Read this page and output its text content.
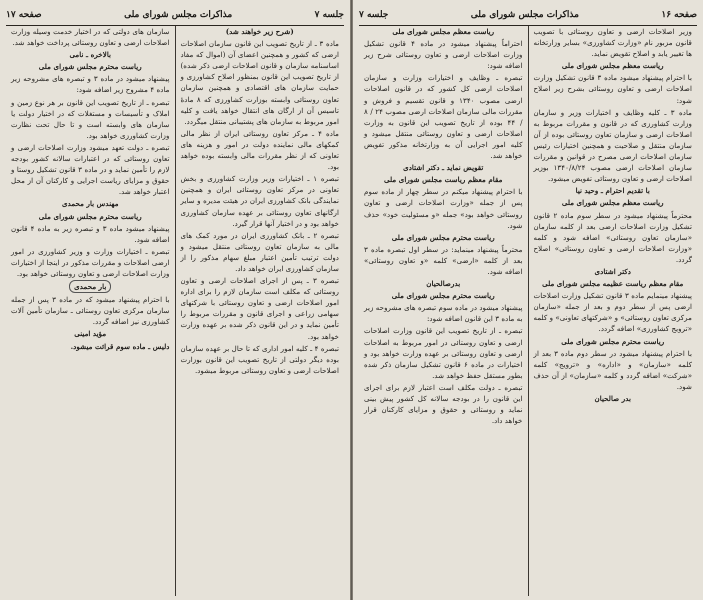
جلسه ۷
مذاکرات مجلس شورای ملی
صفحه ۱۷

(شرح زیر خواهند شد)

ماده ۳ ـ از تاریخ تصویب این قانون سازمان اصلاحات ارضی که کشور و همچنین اعضای آن (اموال که مفاد اساسنامه سازمان و قانون اصلاحات ارضی ذکر شده) از تاریخ تصویب این قانون بمنظور اصلاح کشاورزی و حمایت سازمان های اقتصادی و همچنین سازمان تعاون روستائی وابسته بوزارت کشاورزی که ۸ مادهٔ تاسیس آن از ارگان های انتقال خواهد یافت و کلیه امور مربوط به سازمان های پشتیبانی منتقل میگردد.

ماده ۴ ـ مرکز تعاون روستائی ایران از نظر مالی کمکهای مالی نماینده دولت در امور و هزینه های تعاونی که از نظر مقررات مالی وابسته بوده خواهد بود.

تبصره ۱ ـ اختیارات وزیر وزارت کشاورزی و بخش تعاونی در مرکز تعاون روستائی ایران و همچنین نمایندگی بانک کشاورزی ایران در هیئت مدیره و سایر ارگانهای تعاون روستائی بر عهده سازمان کشاورزی خواهد بود و در اختیار آنها قرار گیرد.

تبصره ۲ ـ بانک کشاورزی ایران در مورد کمک های مالی به سازمان تعاون روستائی منتقل میشود و دولت ترتیب تأمین اعتبار مبلغ سهام مذکور را از سازمان کشاورزی ایران خواهد داد.

تبصره ۳ ـ پس از اجرای اصلاحات ارضی و تعاون روستائی که مکلف است سازمان لازم را برای اداره امور اصلاحات ارضی و تعاون روستائی با شرکتهای سهامی زراعی و اجرای قانون و مقررات مربوط را تأمین نماید و در این قانون ذکر شده بر عهده وزارت خواهد بود.

تبصره ۴ ـ کلیه امور اداری که تا حال بر عهده سازمان بوده دیگر دولتی از تاریخ تصویب این قانون بوزارت اصلاحات ارضی و تعاون روستائی مربوط میشود.

سازمان های دولتی که در اختیار خدمت وسیله وزارت اصلاحات ارضی و تعاون روستائی پرداخت خواهد شد.

بالاخره ـ نامی

ریاست محترم مجلس شورای ملی

پیشنهاد میشود در ماده ۳ و تبصره های مشروحه زیر ماده ۴ مشروح زیر اضافه شود:

تبصره ـ از تاریخ تصویب این قانون بر هر نوع زمین و املاک و تأسیسات و مستغلات که در اختیار دولت یا سازمان های وابسته است و تا حال تحت نظارت وزارت کشاورزی خواهد بود.

تبصره ـ دولت تعهد میشود وزارت اصلاحات ارضی و تعاون روستائی که در اعتبارات سالانه کشور بودجه لازم را تأمین نماید و در ماده ۳ قانون تشکیل روستا و حقوق و مزایای ریاست اجرایی و کارکنان آن از محل اعتبار خواهد شد.

مهندس بار محمدی

ریاست محترم مجلس شورای ملی

پیشنهاد میشود ماده ۳ و تبصره زیر به ماده ۴ قانون اضافه شود.

تبصره ـ اختیارات وزارت و وزیر کشاورزی در امور ارضی اصلاحات و مقررات مذکور در اینجا از اختیارات وزارت اصلاحات ارضی و تعاون روستائی خواهد بود.

بار محمدی

با احترام پیشنهاد میشود که در ماده ۳ پس از جمله سازمان مرکزی تعاون روستائی ـ سازمان تأمین آلات کشاورزی نیز اضافه گردد.

مؤید امینی

دلیس ـ ماده سوم قرائت میشود.

صفحه ۱۶
مذاکرات مجلس شورای ملی
جلسه ۷

وزیر اصلاحات ارضی و تعاون روستائی با تصویب قانون مزبور نام «وزارت کشاورزی» بسایر وزارتخانه ها تغییر یابد و اصلاح تقویض نماید.

ریاست معظم مجلس شورای ملی

با احترام پیشنهاد میشود ماده ۳ قانون تشکیل وزارت اصلاحات ارضی و تعاون روستائی بشرح زیر اصلاح شود:

ماده ۳ ـ کلیه وظایف و اختیارات وزیر و سازمان وزارت کشاورزی که در قانون و مقررات مربوط به اصلاحات ارضی و سازمان تعاون روستائی بوده از آن سازمان منتقل و صلاحیت و همچنین اختیارات رئیس سازمان اصلاحات ارضی مصرح در قوانین و مقررات سازمان اصلاحات ارضی مصوب ۱۳۴۰/۸/۲۴ بوزیر اصلاحات ارضی و تعاون روستائی تفویض میشود.

با تقدیم احترام ـ وحید نیا

ریاست معظم مجلس شورای ملی

محترماً پیشنهاد میشود در سطر سوم ماده ۲ قانون تشکیل وزارت اصلاحات ارضی بعد از کلمه سازمان «سازمان تعاون روستائی» اضافه شود و کلمه «وزارت اصلاحات ارضی و تعاون روستائی» اصلاح گردد.

دکتر اشتادی

مقام معظم ریاست عظیمه مجلس شورای ملی

پیشنهاد مینمایم ماده ۳ قانون تشکیل وزارت اصلاحات ارضی پس از سطر دوم و بعد از جمله «سازمان مرکزی تعاون روستائی» و «شرکتهای تعاونی» و کلمه «ترویج کشاورزی» اضافه گردد.

ریاست محترم مجلس شورای ملی

با احترام پیشنهاد میشود در سطر دوم ماده ۳ بعد از کلمه «سازمان» و «اداره» و «ترویج» کلمه «شرکت» اضافه گردد و کلمه «سازمان» از آن حذف شود.

بدر صالحیان

ریاست معظم مجلس شورای ملی

احتراماً پیشنهاد میشود در ماده ۴ قانون تشکیل وزارت اصلاحات ارضی و تعاون روستائی شرح زیر اضافه شود:

تبصره ـ وظایف و اختیارات وزارت و سازمان اصلاحات ارضی کل کشور که در قانون اصلاحات ارضی مصوب ۱۳۴۰ و قانون تقسیم و فروش و مقررات مالی سازمان اصلاحات ارضی مصوب ۲۴ / ۸ / ۴۴ بوده از تاریخ تصویب این قانون به وزارت اصلاحات ارضی و تعاون روستائی منتقل میشود و کلیه امور اجرایی آن به وزارتخانه مذکور تفویض خواهد شد.

تقویض نماید ـ دکتر اشتادی

مقام معظم ریاست مجلس شورای ملی

با احترام پیشنهاد میکنم در سطر چهار از ماده سوم پس از جمله «وزارت اصلاحات ارضی و تعاون روستائی خواهد بود» جمله «و مسئولیت خود» حذف شود.

ریاست محترم مجلس شورای ملی

محترماً پیشنهاد مینماید: در سطر اول تبصره ماده ۳ بعد از کلمه «ارضی» کلمه «و تعاون روستائی» اضافه شود.

بدرصالحیان

ریاست محترم مجلس شورای ملی

پیشنهاد میشود در ماده سوم تبصره های مشروحه زیر به ماده ۳ این قانون اضافه شود:

تبصره ـ از تاریخ تصویب این قانون وزارت اصلاحات ارضی و تعاون روستائی در امور مربوط به اصلاحات ارضی و تعاون روستائی بر عهده وزارت خواهد بود و اختیارات در ماده ۶ قانون تشکیل سازمان ذکر شده بطور مستقل حفظ خواهد شد.

تبصره ـ دولت مکلف است اعتبار لازم برای اجرای این قانون را در بودجه سالانه کل کشور پیش بینی نماید و روستائی و حقوق و مزایای کارکنان قرار خواهد داد.
